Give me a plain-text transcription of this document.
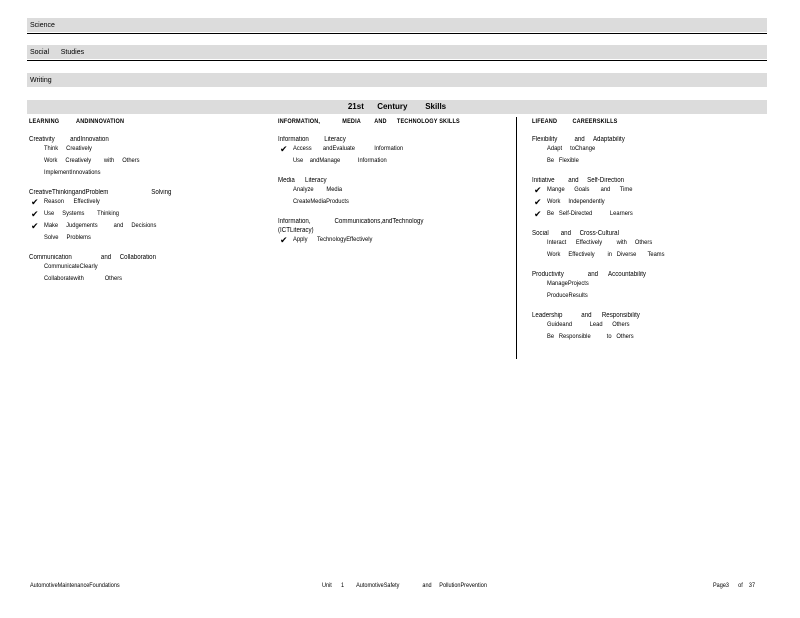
Science
Social      Studies
Writing
21st      Century        Skills
LEARNING          ANDINNOVATION
Creativity         andInnovation
Think     Creatively
Work     Creatively        with     Others
ImplementInnovations
CreativeThinkingandProblem                         Solving
✔ Reason      Effectively
✔ Use     Systems        Thinking
✔ Make     Judgements          and     Decisions
Solve     Problems
Communication                 and     Collaboration
CommunicateClearly
Collaboratewith             Others
INFORMATION,             MEDIA        AND      TECHNOLOGY SKILLS
Information         Literacy
✔ Access       andEvaluate            Information
Use    andManage           Information
Media      Literacy
Analyze        Media
CreateMediaProducts
Information,              Communications,andTechnology
(ICTLiteracy)
✔ Apply      TechnologyEffectively
LIFEAND         CAREERSKILLS
Flexibility          and     Adaptability
Adapt     toChange
Be   Flexible
Initiative        and     Self-Direction
✔ Mange      Goals       and      Time
✔ Work     Independently
✔ Be   Self-Directed           Learners
Social       and     Cross-Cultural
Interact      Effectively         with     Others
Work     Effectively        in   Diverse       Teams
Productivity              and      Accountability
ManageProjects
ProduceResults
Leadership           and      Responsibility
Guideand           Lead      Others
Be   Responsible          to   Others
AutomotiveMaintenanceFoundations	Unit      1        AutomotiveSafety               and     PollutionPrevention	Page3      of    37
